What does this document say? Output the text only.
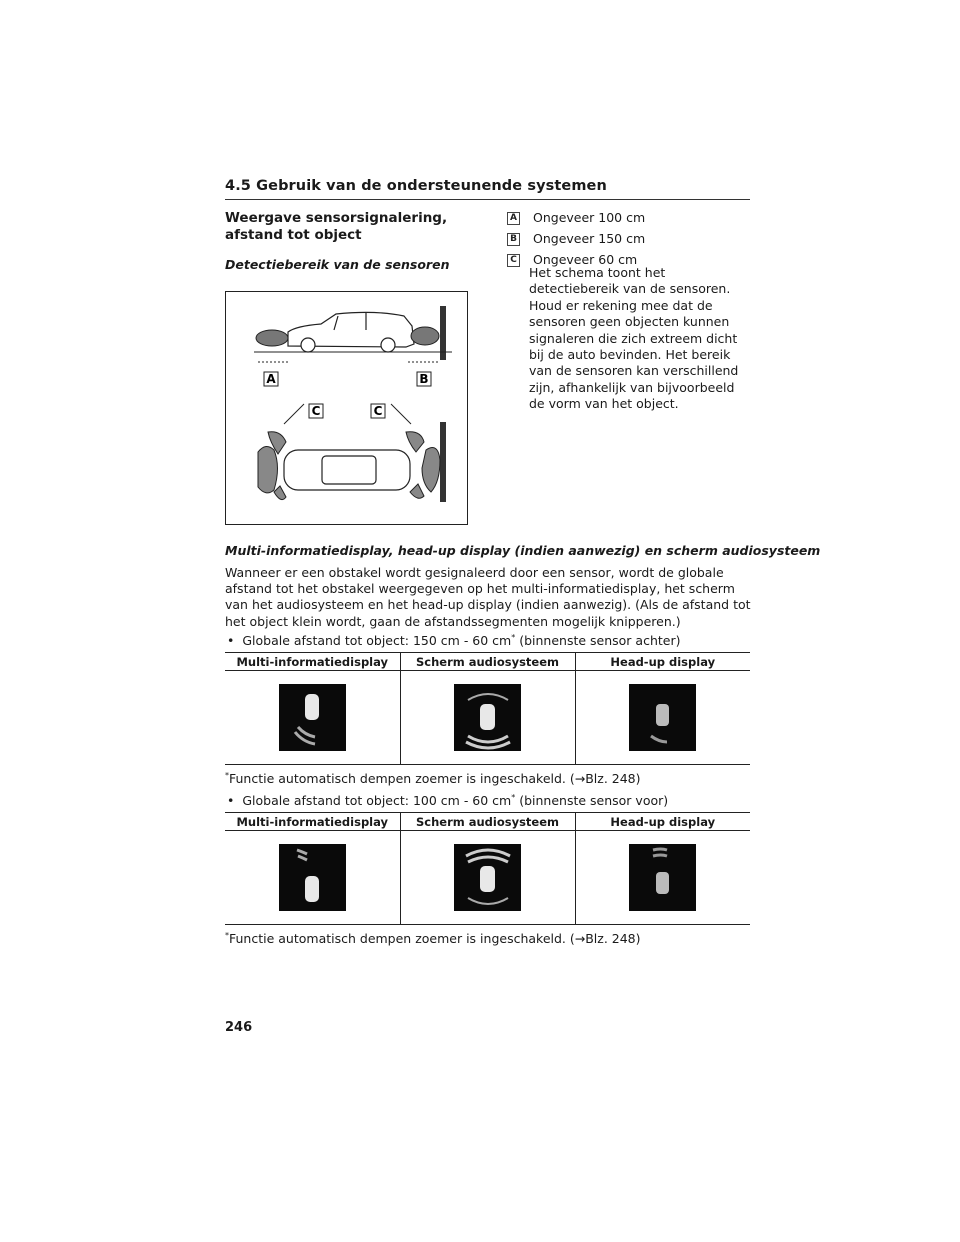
4.5 Gebruik van de ondersteunende systemen
Weergave sensorsignalering, afstand tot object
Detectiebereik van de sensoren
A Ongeveer 100 cm
B Ongeveer 150 cm
C Ongeveer 60 cm
Het schema toont het detectiebereik van de sensoren. Houd er rekening mee dat de sensoren geen objecten kunnen signaleren die zich extreem dicht bij de auto bevinden. Het bereik van de sensoren kan verschillend zijn, afhankelijk van bijvoorbeeld de vorm van het object.
A	B
C	C
Multi-informatiedisplay, head-up display (indien aanwezig) en scherm audiosysteem
Wanneer er een obstakel wordt gesignaleerd door een sensor, wordt de globale afstand tot het obstakel weergegeven op het multi-informatiedisplay, het scherm van het audiosysteem en het head-up display (indien aanwezig). (Als de afstand tot het object klein wordt, gaan de afstandssegmenten mogelijk knipperen.)
•  Globale afstand tot object: 150 cm - 60 cm* (binnenste sensor achter)
Multi-informatiedisplay	Scherm audiosysteem	Head-up display

*Functie automatisch dempen zoemer is ingeschakeld. (→Blz. 248)
•  Globale afstand tot object: 100 cm - 60 cm* (binnenste sensor voor)
Multi-informatiedisplay	Scherm audiosysteem	Head-up display

*Functie automatisch dempen zoemer is ingeschakeld. (→Blz. 248)
246
